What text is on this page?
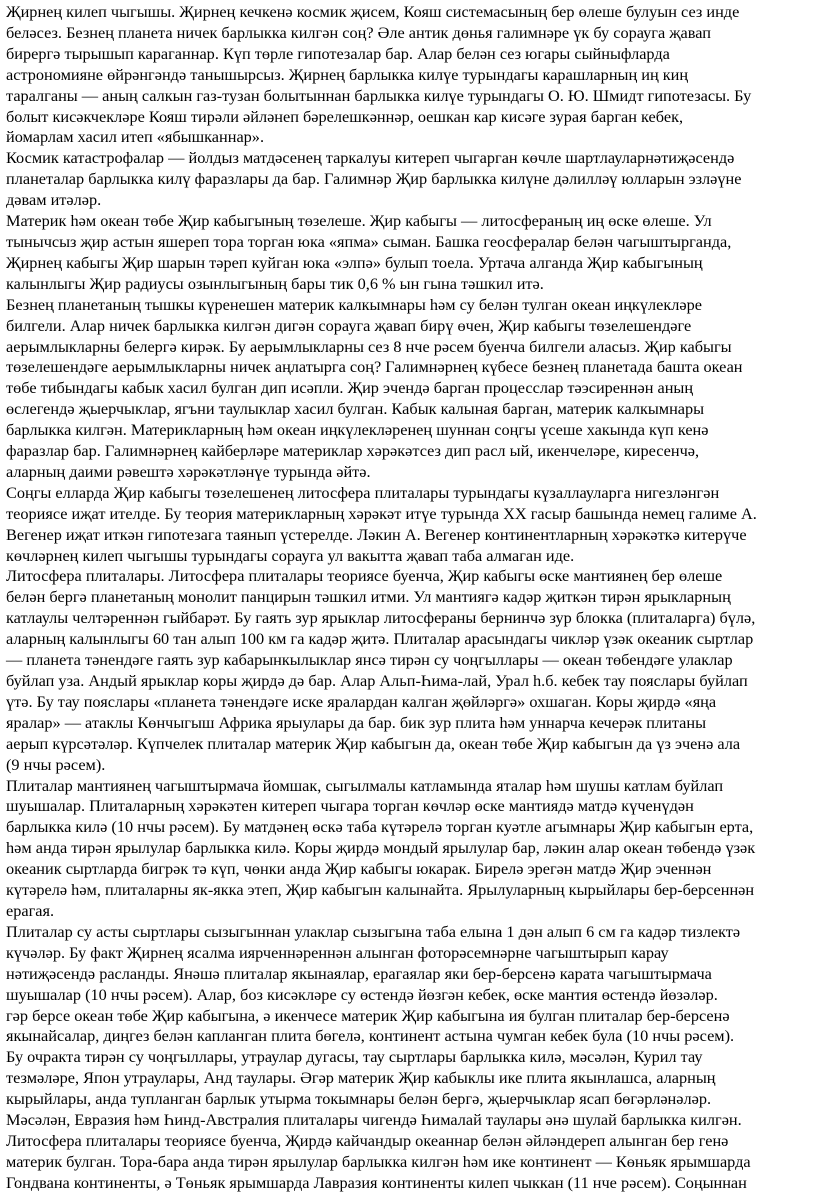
Җирнең килеп чыгышы. Җирнең кечкенә космик җисем, Кояш системасының бер өлеше булуын сез инде
беләсез. Безнең планета ничек барлыкка килгән соң? Әле антик дөнья галимнәре үк бу сорауга җавап
бирергә тырышып караганнар. Күп төрле гипотезалар бар. Алар белән сез югары сыйныфларда
астрономияне өйрәнгәндә танышырсыз. Җирнең барлыкка килүе турындагы карашларның иң киң
таралганы — аның салкын газ-тузан болытыннан барлыкка килүе турындагы О. Ю. Шмидт гипотезасы. Бу
болыт кисәкчекләре Кояш тирәли әйләнеп бәрелешкәннәр, оешкан кар кисәге зурая барган кебек,
йомарлам хасил итеп «ябышканнар».
Космик катастрофалар — йолдыз матдәсенең таркалуы китереп чыгарган көчле шартлауларнәтиҗәсендә
планеталар барлыкка килү фаразлары да бар. Галимнәр Җир барлыкка килүне дәлилләү юлларын эзләүне
дәвам итәләр.
Материк һәм океан төбе Җир кабыгының төзелеше. Җир кабыгы — литосфераның иң өске өлеше. Ул
тынычсыз җир астын яшереп тора торган юка «япма» сыман. Башка геосфералар белән чагыштырганда,
Җирнең кабыгы Җир шарын тәреп куйган юка «элпә» булып тоела. Уртача алганда Җир кабыгының
калынлыгы Җир радиусы озынлыгының бары тик 0,6 % ын гына тәшкил итә.
Безнең планетаның тышкы күренешен материк калкымнары һәм су белән тулган океан иңкүлекләре
билгели. Алар ничек барлыкка килгән дигән сорауга җавап бирү өчен, Җир кабыгы төзелешендәге
аерымлыкларны белергә кирәк. Бу аерымлыкларны сез 8 нче рәсем буенча билгели аласыз. Җир кабыгы
төзелешендәге аерымлыкларны ничек аңлатырга соң? Галимнәрнең күбесе безнең планетада башта океан
төбе тибындагы кабык хасил булган дип исәпли. Җир эчендә барган процесслар тәэсиреннән аның
өслегендә җыерчыклар, ягъни таулыклар хасил булган. Кабык калынaя барган, материк калкымнары
барлыкка килгән. Материкларның һәм океан иңкүлекләренең шуннан соңгы үсеше хакында күп кенә
фаразлар бар. Галимнәрнең кайберләре материклар хәрәкәтсез дип расл ый, икенчеләре, киресенчә,
аларның даими рәвештә хәрәкәтләнүе турында әйтә.
Соңгы елларда Җир кабыгы төзелешенең литосфера плиталары турындагы күзаллауларга нигезләнгән
теориясе иҗат ителде. Бу теория материкларның хәрәкәт итүе турында XX гасыр башында немец галиме А.
Вегенер иҗат иткән гипотезага таянып үстерелде. Ләкин А. Вегенер континентларның хәрәкәткә китерүче
көчләрнең килеп чыгышы турындагы сорауга ул вакытта җавап таба алмаган иде.
Литосфера плиталары. Литосфера плиталары теориясе буенча, Җир кабыгы өске мантиянең бер өлеше
белән бергә планетаның монолит панцирын тәшкил итми. Ул мантиягә кадәр җиткән тирән ярыкларның
катлаулы челтәреннән гыйбарәт. Бу гаять зур ярыклар литосфераны бернинчә зур блокка (плиталарга) бүлә,
аларның калынлыгы 60 тан алып 100 км га кадәр җитә. Плиталар арасындагы чикләр үзәк океаник сыртлар
— планета тәнендәге гаять зур кабарынкылыклар янсә тирән су чоңгыллары — океан төбендәге улаклар
буйлап уза. Андый ярыклар коры җирдә дә бар. Алар Альп-Һима-лай, Урал һ.б. кебек тау пояслары буйлап
үтә. Бу тау пояслары «планета тәнендәге иске яралардан калган җөйләргә» охшаган. Коры җирдә «яңа
яралар» — атаклы Көнчыгыш Африка ярыулары да бар. бик зур плита һәм уннарча кечерәк плитаны
аерып күрсәтәләр. Күпчелек плиталар материк Җир кабыгын да, океан төбе Җир кабыгын да үз эченә ала
(9 нчы рәсем).
Плиталар мантиянең чагыштырмача йомшак, сыгылмалы катламында яталар һәм шушы катлам буйлап
шуышалар. Плиталарның хәрәкәтен китереп чыгара торган көчләр өске мантиядә матдә күченүдән
барлыкка килә (10 нчы рәсем). Бу матдәнең өскә таба күтәрелә торган куәтле агымнары Җир кабыгын ерта,
һәм анда тирән ярылулар барлыкка килә. Коры җирдә мондый ярылулар бар, ләкин алар океан төбендә үзәк
океаник сыртларда бигрәк тә күп, чөнки анда Җир кабыгы юкарак. Бирелә эрегән матдә Җир эченнән
күтәрелә һәм, плиталарны як-якка этеп, Җир кабыгын калынайта. Ярылуларның кырыйлары бер-берсеннән
ерагая.
Плиталар су асты сыртлары сызыгыннан улаклар сызыгына таба елына 1 дән алып 6 см га кадәр тизлектә
күчәләр. Бу факт Җирнең ясалма иярченнәреннән алынган фоторәсемнәрне чагыштырып карау
нәтиҗәсендә расланды. Янәшә плиталар якынаялар, ерагаялар яки бер-берсенә карата чагыштырмача
шуышалар (10 нчы рәсем). Алар, боз кисәкләре су өстендә йөзгән кебек, өске мантия өстендә йөзәләр.
гәр берсе океан төбе Җир кабыгына, ә икенчесе материк Җир кабыгына ия булган плиталар бер-берсенә
якынайсалар, диңгез белән капланган плита бөгелә, континент астына чумган кебек була (10 нчы рәсем).
Бу очракта тирән су чоңгыллары, утраулар дугасы, тау сыртлары барлыкка килә, мәсәлән, Курил тау
тезмәләре, Япон утраулары, Анд таулары. Әгәр материк Җир кабыклы ике плита якынлашса, аларның
кырыйлары, анда тупланган барлык утырма токымнары белән бергә, җыерчыклар ясап бөгәрләнәләр.
Мәсәлән, Евразия һәм Һинд-Австралия плиталары чигендә Һималай таулары әнә шулай барлыкка килгән.
Литосфера плиталары теориясе буенча, Җирдә кайчандыр океаннар белән әйләндереп алынган бер генә
материк булган. Тора-бара анда тирән ярылулар барлыкка килгән һәм ике континент — Көньяк ярымшарда
Гондвана континенты, ә Төньяк ярымшарда Лавразия континенты килеп чыккан (11 нче рәсем). Соңыннан
